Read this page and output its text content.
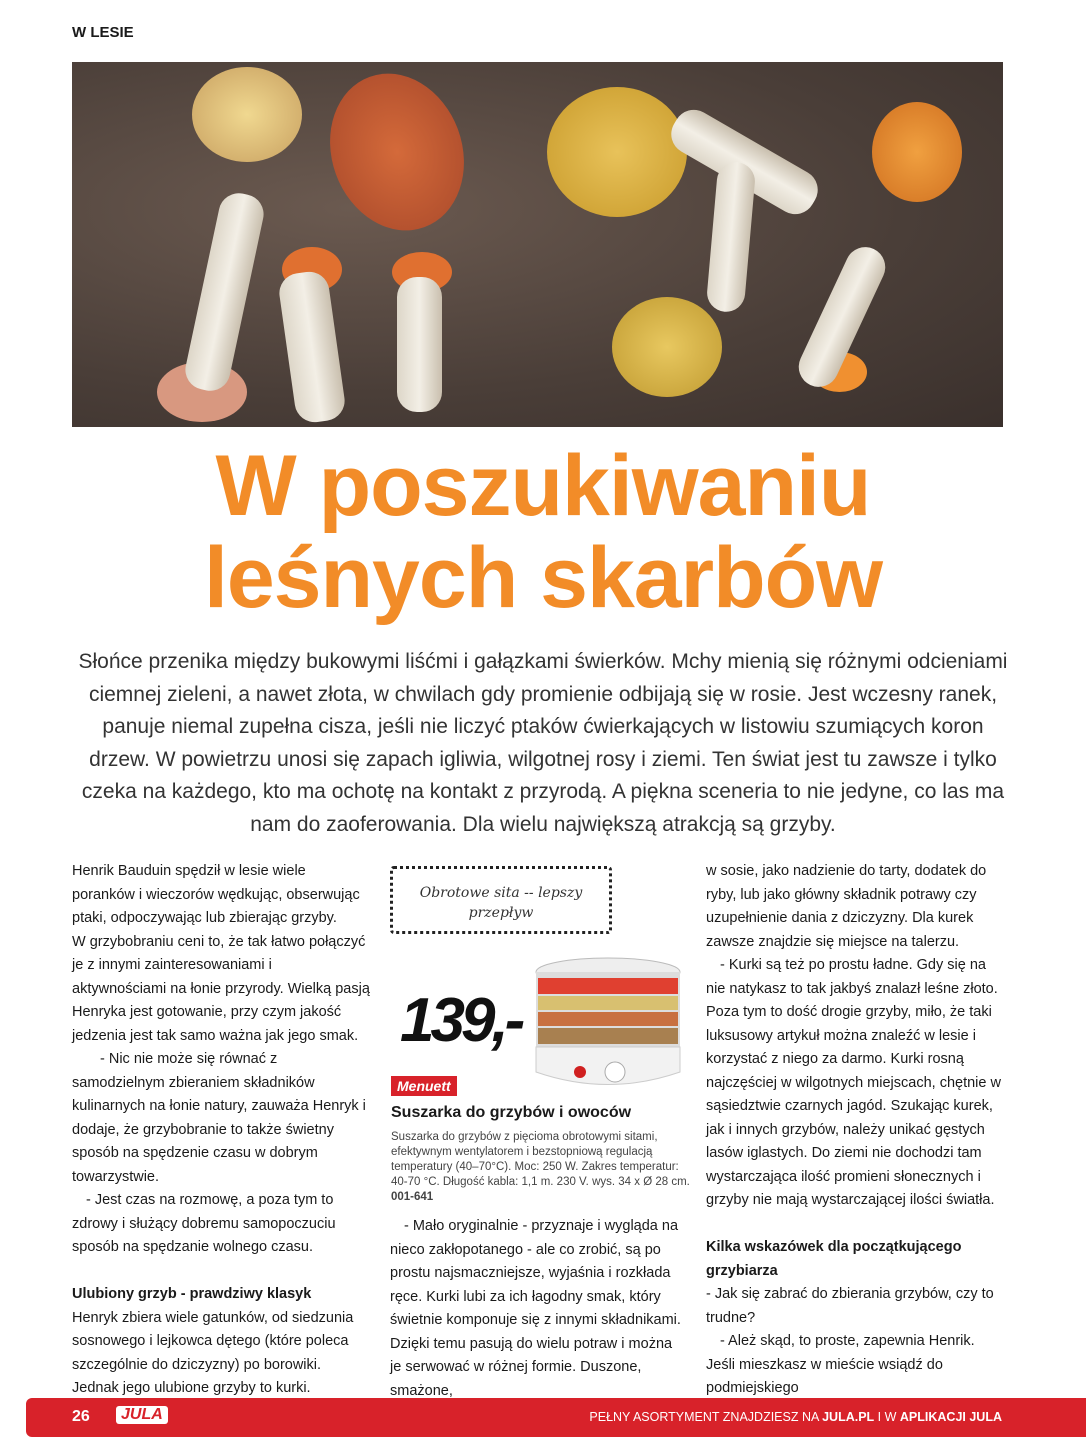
W LESIE
W poszukiwaniu
leśnych skarbów
Słońce przenika między bukowymi liśćmi i gałązkami świerków. Mchy mienią się różnymi odcieniami ciemnej zieleni, a nawet złota, w chwilach gdy promienie odbijają się w rosie. Jest wczesny ranek, panuje niemal zupełna cisza, jeśli nie liczyć ptaków ćwierkających w listowiu szumiących koron drzew. W powietrzu unosi się zapach igliwia, wilgotnej rosy i ziemi. Ten świat jest tu zawsze i tylko czeka na każdego, kto ma ochotę na kontakt z przyrodą. A piękna sceneria to nie jedyne, co las ma nam do zaoferowania. Dla wielu największą atrakcją są grzyby.

Henrik Bauduin spędził w lesie wiele poranków i wieczorów wędkując, obserwując ptaki, odpoczywając lub zbierając grzyby.

W grzybobraniu ceni to, że tak łatwo połączyć je z innymi zainteresowaniami i aktywnościami na łonie przyrody. Wielką pasją Henryka jest gotowanie, przy czym jakość jedzenia jest tak samo ważna jak jego smak.

- Nic nie może się równać z samodzielnym zbieraniem składników kulinarnych na łonie natury, zauważa Henryk i dodaje, że grzybobranie to także świetny sposób na spędzenie czasu w dobrym towarzystwie.

- Jest czas na rozmowę, a poza tym to zdrowy i służący dobremu samopoczuciu sposób na spędzanie wolnego czasu.

Ulubiony grzyb - prawdziwy klasyk

Henryk zbiera wiele gatunków, od siedzunia sosnowego i lejkowca dętego (które poleca szczególnie do dziczyzny) po borowiki. Jednak jego ulubione grzyby to kurki.

Obrotowe sita -- lepszy przepływ
139,-
Menuett
Suszarka do grzybów i owoców
Suszarka do grzybów z pięcioma obrotowymi sitami, efektywnym wentylatorem i bezstopniową regulacją temperatury (40–70°C). Moc: 250 W. Zakres temperatur: 40-70 °C. Długość kabla: 1,1 m. 230 V. wys. 34 x Ø 28 cm. 001-641

- Mało oryginalnie - przyznaje i wygląda na nieco zakłopotanego - ale co zrobić, są po prostu najsmaczniejsze, wyjaśnia i rozkłada ręce. Kurki lubi za ich łagodny smak, który świetnie komponuje się z innymi składnikami. Dzięki temu pasują do wielu potraw i można je serwować w różnej formie. Duszone, smażone,

w sosie, jako nadzienie do tarty, dodatek do ryby, lub jako główny składnik potrawy czy uzupełnienie dania z dziczyzny. Dla kurek zawsze znajdzie się miejsce na talerzu.

- Kurki są też po prostu ładne. Gdy się na nie natykasz to tak jakbyś znalazł leśne złoto. Poza tym to dość drogie grzyby, miło, że taki luksusowy artykuł można znaleźć w lesie i korzystać z niego za darmo. Kurki rosną najczęściej w wilgotnych miejscach, chętnie w sąsiedztwie czarnych jagód. Szukając kurek, jak i innych grzybów, należy unikać gęstych lasów iglastych. Do ziemi nie dochodzi tam wystarczająca ilość promieni słonecznych i grzyby nie mają wystarczającej ilości światła.

Kilka wskazówek dla początkującego grzybiarza

- Jak się zabrać do zbierania grzybów, czy to trudne?

- Ależ skąd, to proste, zapewnia Henrik. Jeśli mieszkasz w mieście wsiądź do podmiejskiego

26	JULA	PEŁNY ASORTYMENT ZNAJDZIESZ NA JULA.PL I W APLIKACJI JULA
